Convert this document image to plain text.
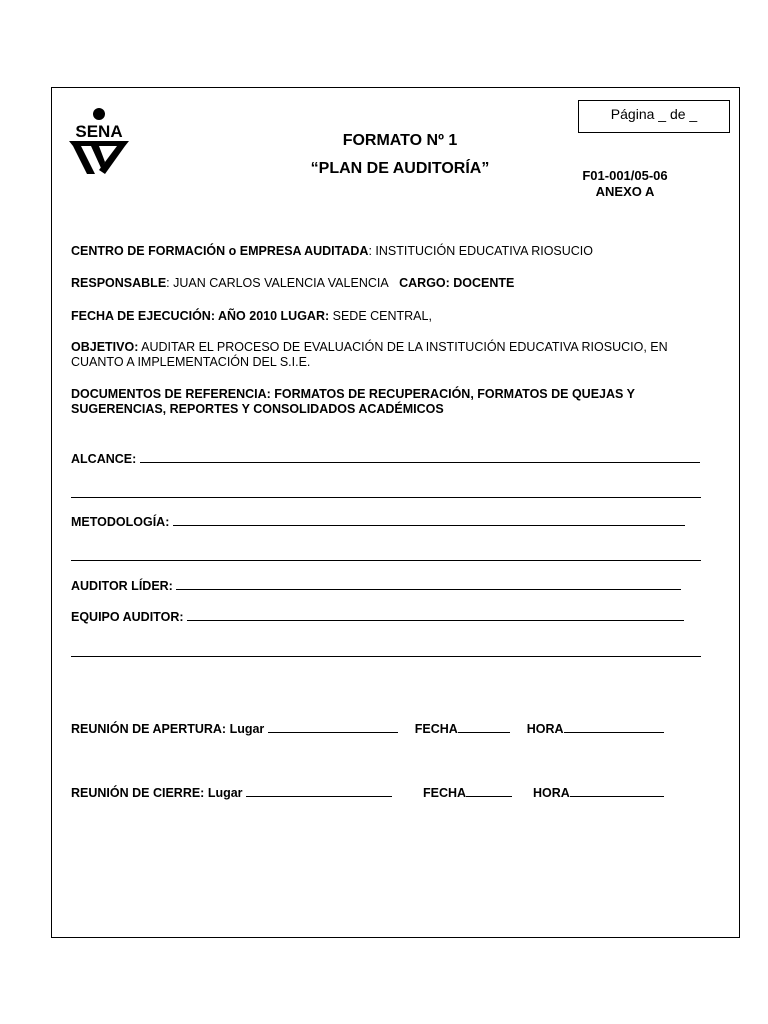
SENA
Página _ de _
FORMATO Nº 1
“PLAN DE AUDITORÍA”	F01-001/05-06
ANEXO A
CENTRO DE FORMACIÓN o EMPRESA AUDITADA: INSTITUCIÓN EDUCATIVA RIOSUCIO
RESPONSABLE: JUAN CARLOS VALENCIA VALENCIA CARGO: DOCENTE
FECHA DE EJECUCIÓN: AÑO 2010 LUGAR: SEDE CENTRAL,
OBJETIVO: AUDITAR EL PROCESO DE EVALUACIÓN DE LA INSTITUCIÓN EDUCATIVA RIOSUCIO, EN CUANTO A IMPLEMENTACIÓN DEL S.I.E.
DOCUMENTOS DE REFERENCIA: FORMATOS DE RECUPERACIÓN, FORMATOS DE QUEJAS Y SUGERENCIAS, REPORTES Y CONSOLIDADOS ACADÉMICOS
ALCANCE:
METODOLOGÍA:
AUDITOR LÍDER:
EQUIPO AUDITOR:
REUNIÓN DE APERTURA: Lugar	FECHA	HORA
REUNIÓN DE CIERRE: Lugar	FECHA	HORA
